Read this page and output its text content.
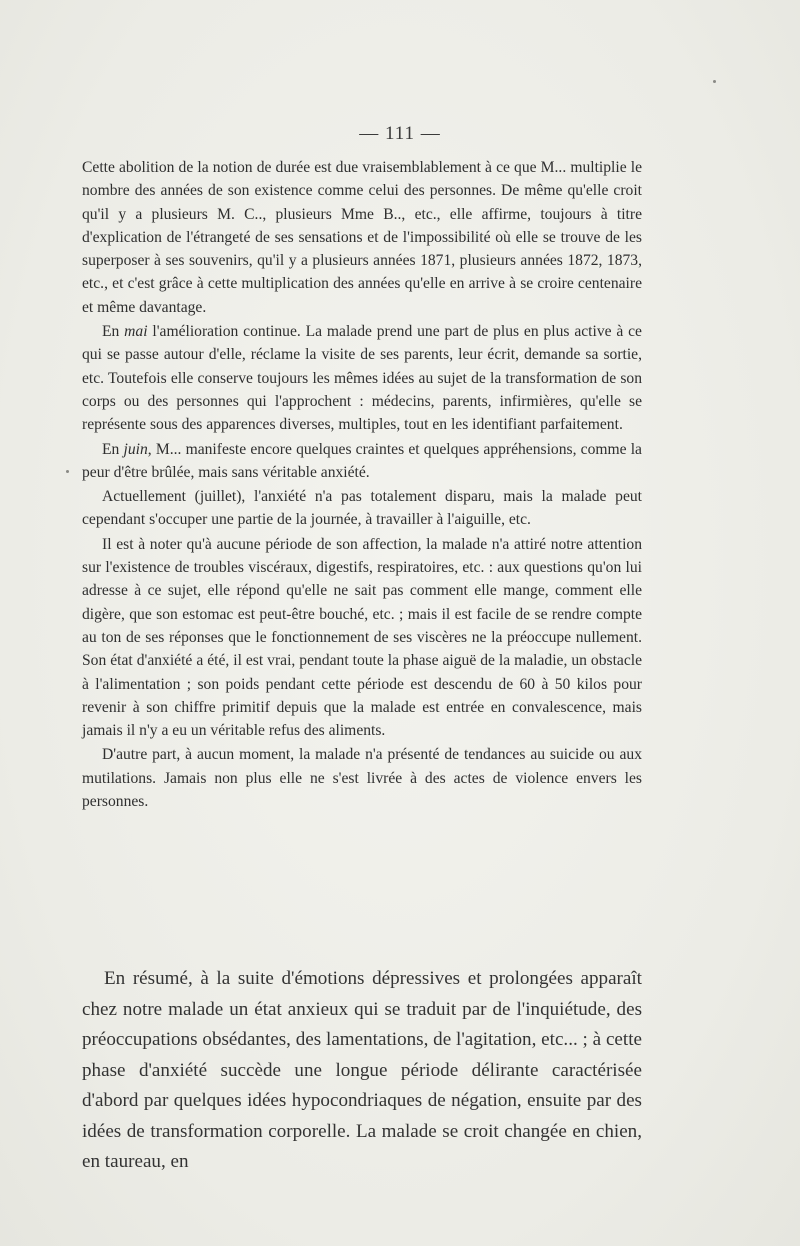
— 111 —

Cette abolition de la notion de durée est due vraisemblablement à ce que M... multiplie le nombre des années de son existence comme celui des personnes. De même qu'elle croit qu'il y a plusieurs M. C.., plusieurs Mme B.., etc., elle affirme, toujours à titre d'explication de l'étrangeté de ses sensations et de l'impossibilité où elle se trouve de les superposer à ses souvenirs, qu'il y a plusieurs années 1871, plusieurs années 1872, 1873, etc., et c'est grâce à cette multiplication des années qu'elle en arrive à se croire centenaire et même davantage.

En mai l'amélioration continue. La malade prend une part de plus en plus active à ce qui se passe autour d'elle, réclame la visite de ses parents, leur écrit, demande sa sortie, etc. Toutefois elle conserve toujours les mêmes idées au sujet de la transformation de son corps ou des personnes qui l'approchent : médecins, parents, infirmières, qu'elle se représente sous des apparences diverses, multiples, tout en les identifiant parfaitement.

En juin, M... manifeste encore quelques craintes et quelques appréhensions, comme la peur d'être brûlée, mais sans véritable anxiété.

Actuellement (juillet), l'anxiété n'a pas totalement disparu, mais la malade peut cependant s'occuper une partie de la journée, à travailler à l'aiguille, etc.

Il est à noter qu'à aucune période de son affection, la malade n'a attiré notre attention sur l'existence de troubles viscéraux, digestifs, respiratoires, etc. : aux questions qu'on lui adresse à ce sujet, elle répond qu'elle ne sait pas comment elle mange, comment elle digère, que son estomac est peut-être bouché, etc. ; mais il est facile de se rendre compte au ton de ses réponses que le fonctionnement de ses viscères ne la préoccupe nullement. Son état d'anxiété a été, il est vrai, pendant toute la phase aiguë de la maladie, un obstacle à l'alimentation ; son poids pendant cette période est descendu de 60 à 50 kilos pour revenir à son chiffre primitif depuis que la malade est entrée en convalescence, mais jamais il n'y a eu un véritable refus des aliments.

D'autre part, à aucun moment, la malade n'a présenté de tendances au suicide ou aux mutilations. Jamais non plus elle ne s'est livrée à des actes de violence envers les personnes.

En résumé, à la suite d'émotions dépressives et prolongées apparaît chez notre malade un état anxieux qui se traduit par de l'inquiétude, des préoccupations obsédantes, des lamentations, de l'agitation, etc... ; à cette phase d'anxiété succède une longue période délirante caractérisée d'abord par quelques idées hypocondriaques de négation, ensuite par des idées de transformation corporelle. La malade se croit changée en chien, en taureau, en
